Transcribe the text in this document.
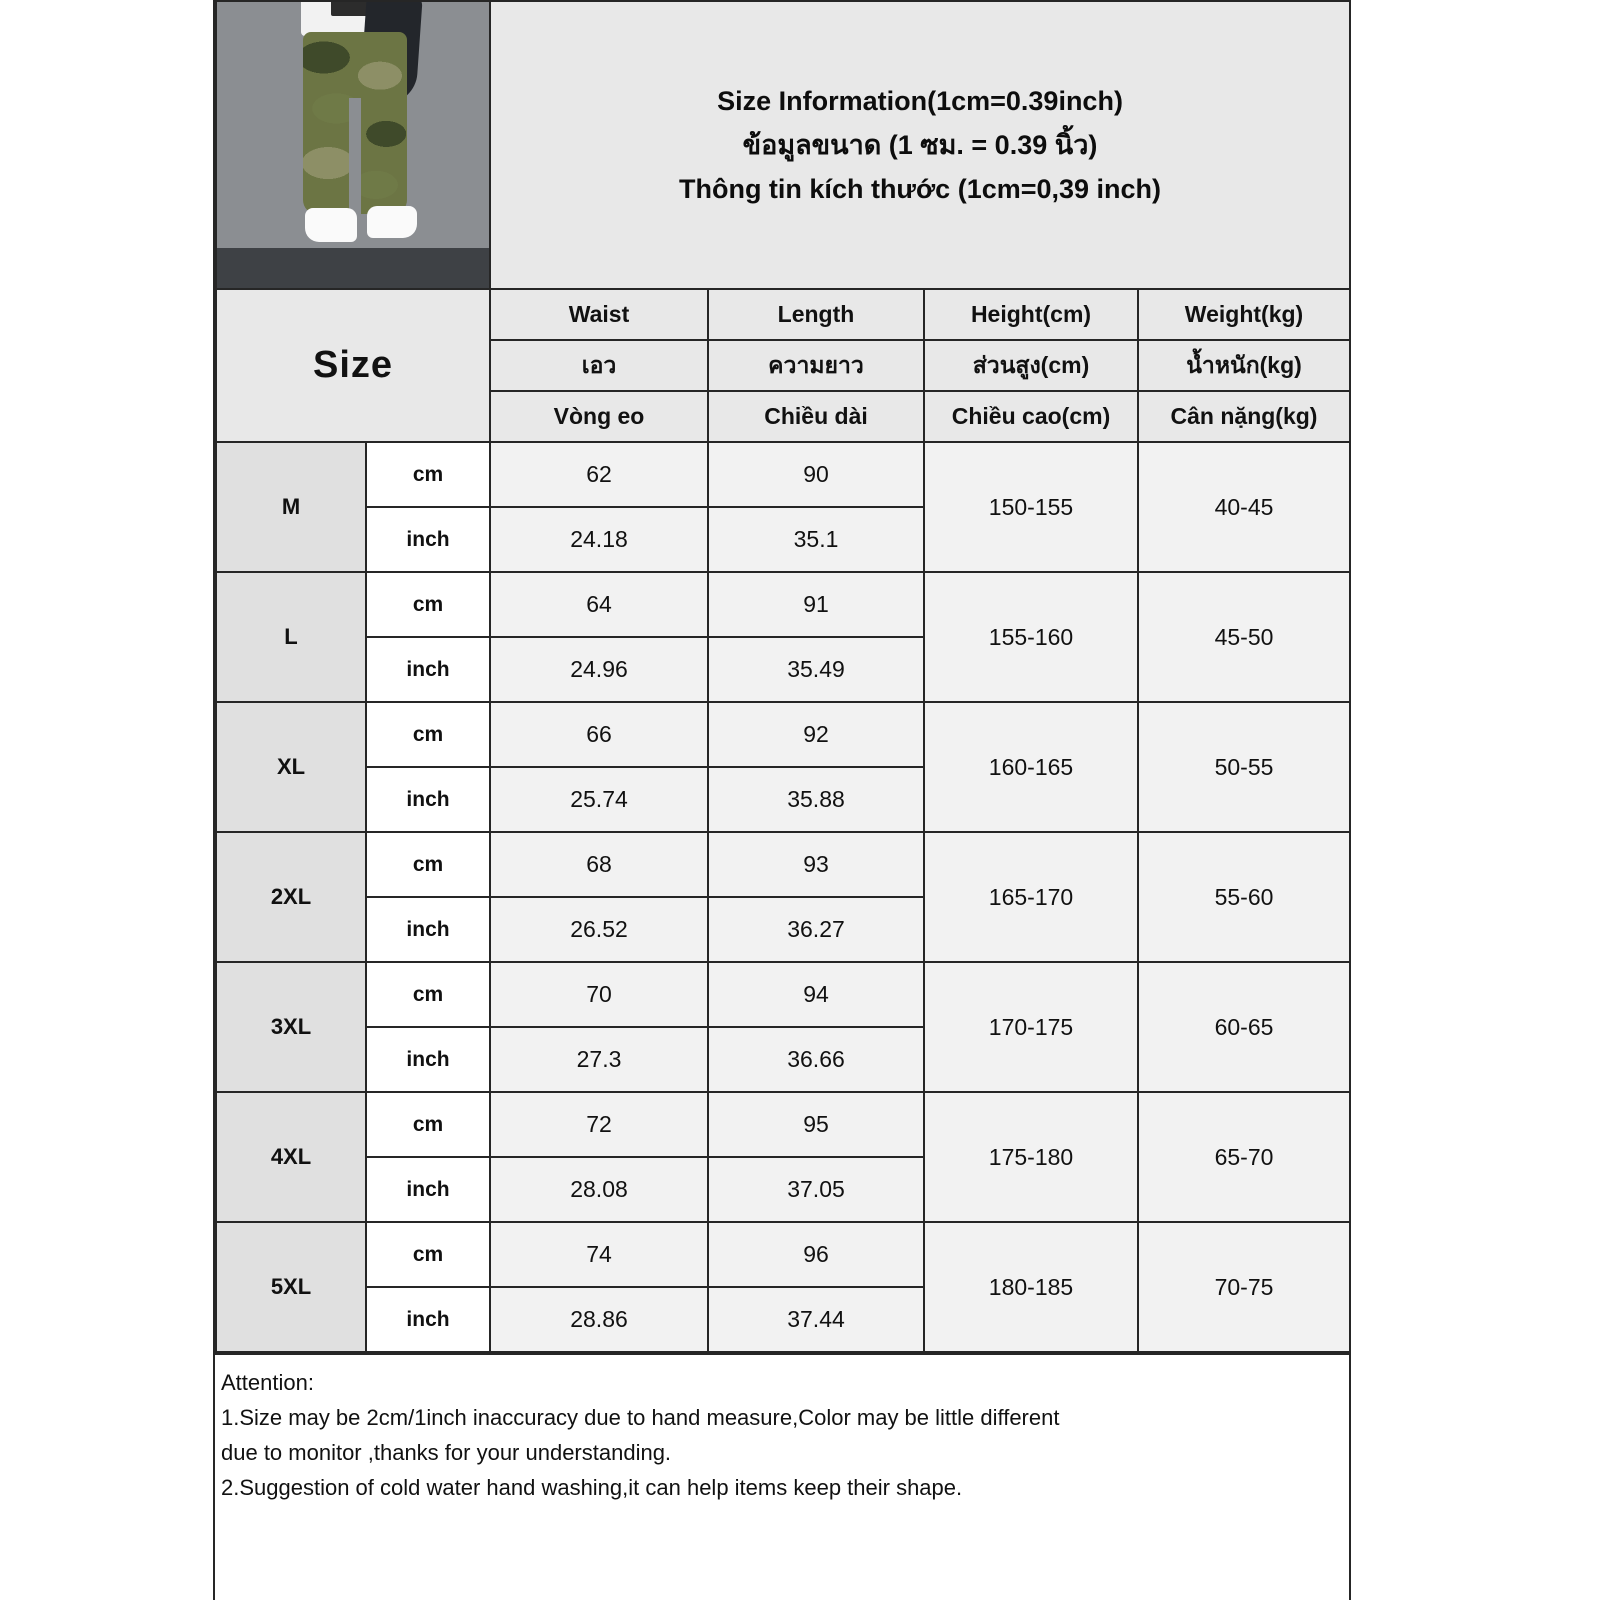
		Size Information(1cm=0.39inch)
ข้อมูลขนาด (1 ซม. = 0.39 นิ้ว)
Thông tin kích thước (1cm=0,39 inch)			

Size		Waist	Length	Height(cm)	Weight(kg)
		เอว	ความยาว	ส่วนสูง(cm)	น้ำหนัก(kg)
		Vòng eo	Chiều dài	Chiều cao(cm)	Cân nặng(kg)
M	cm	62	90	150-155	40-45
	inch	24.18	35.1		
L	cm	64	91	155-160	45-50
	inch	24.96	35.49		
XL	cm	66	92	160-165	50-55
	inch	25.74	35.88		
2XL	cm	68	93	165-170	55-60
	inch	26.52	36.27		
3XL	cm	70	94	170-175	60-65
	inch	27.3	36.66		
4XL	cm	72	95	175-180	65-70
	inch	28.08	37.05		
5XL	cm	74	96	180-185	70-75
	inch	28.86	37.44		
Attention:
1.Size may be 2cm/1inch inaccuracy due to hand measure,Color may be little different
due to monitor ,thanks for your understanding.
2.Suggestion of cold water hand washing,it can help items keep their shape.
